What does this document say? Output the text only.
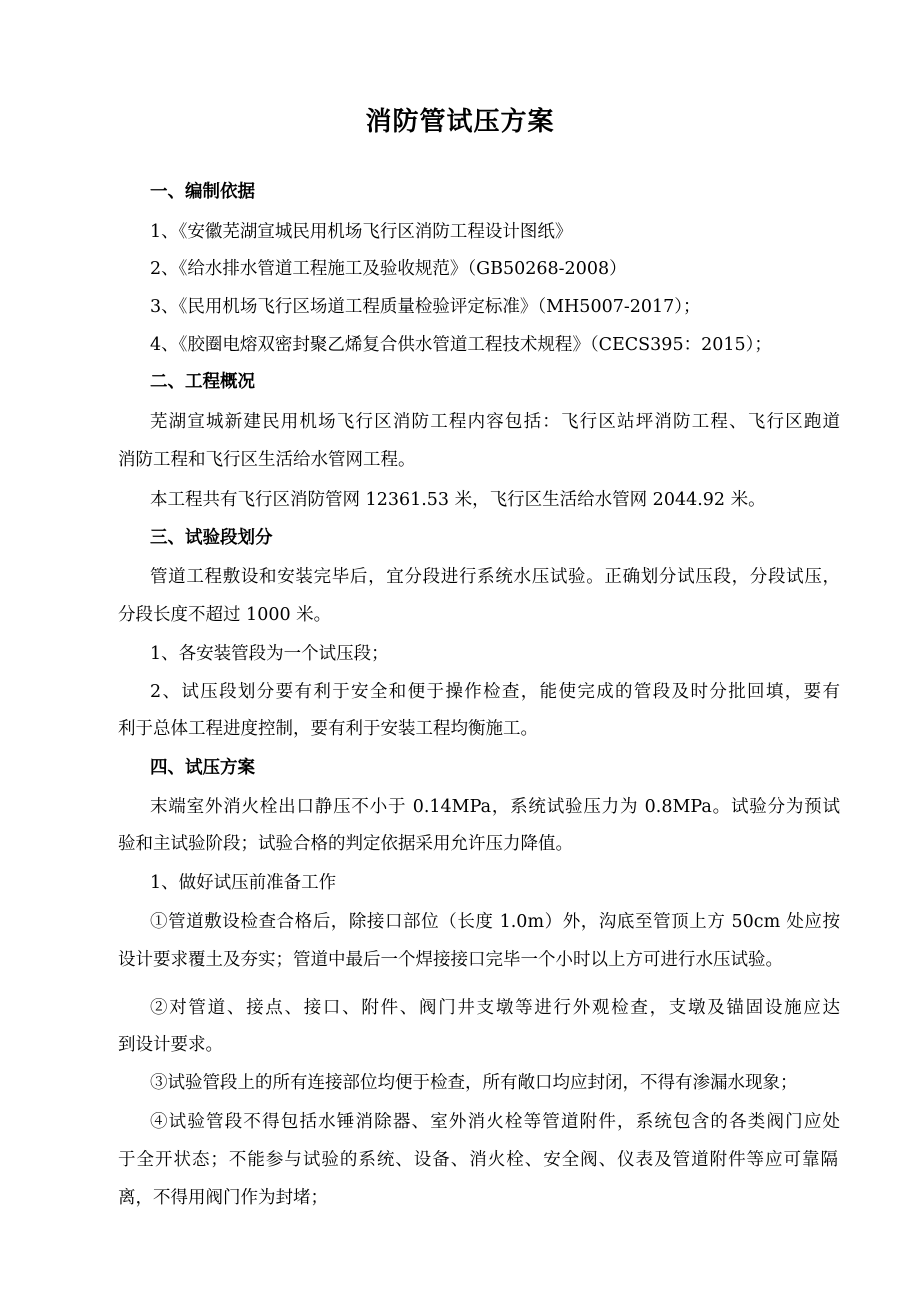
消防管试压方案
一、编制依据
1、《安徽芜湖宣城民用机场飞行区消防工程设计图纸》
2、《给水排水管道工程施工及验收规范》（GB50268-2008）
3、《民用机场飞行区场道工程质量检验评定标准》（MH5007-2017）；
4、《胶圈电熔双密封聚乙烯复合供水管道工程技术规程》（CECS395：2015）；
二、工程概况
芜湖宣城新建民用机场飞行区消防工程内容包括：飞行区站坪消防工程、飞行区跑道
消防工程和飞行区生活给水管网工程。
本工程共有飞行区消防管网 12361.53 米，飞行区生活给水管网 2044.92 米。
三、试验段划分
管道工程敷设和安装完毕后，宜分段进行系统水压试验。正确划分试压段，分段试压，
分段长度不超过 1000 米。
1、各安装管段为一个试压段；
2、试压段划分要有利于安全和便于操作检查，能使完成的管段及时分批回填，要有
利于总体工程进度控制，要有利于安装工程均衡施工。
四、试压方案
末端室外消火栓出口静压不小于 0.14MPa，系统试验压力为 0.8MPa。试验分为预试
验和主试验阶段；试验合格的判定依据采用允许压力降值。
1、做好试压前准备工作
①管道敷设检查合格后，除接口部位（长度 1.0m）外，沟底至管顶上方 50cm 处应按
设计要求覆土及夯实；管道中最后一个焊接接口完毕一个小时以上方可进行水压试验。
②对管道、接点、接口、附件、阀门井支墩等进行外观检查，支墩及锚固设施应达
到设计要求。
③试验管段上的所有连接部位均便于检查，所有敞口均应封闭，不得有渗漏水现象；
④试验管段不得包括水锤消除器、室外消火栓等管道附件，系统包含的各类阀门应处
于全开状态；不能参与试验的系统、设备、消火栓、安全阀、仪表及管道附件等应可靠隔
离，不得用阀门作为封堵；
